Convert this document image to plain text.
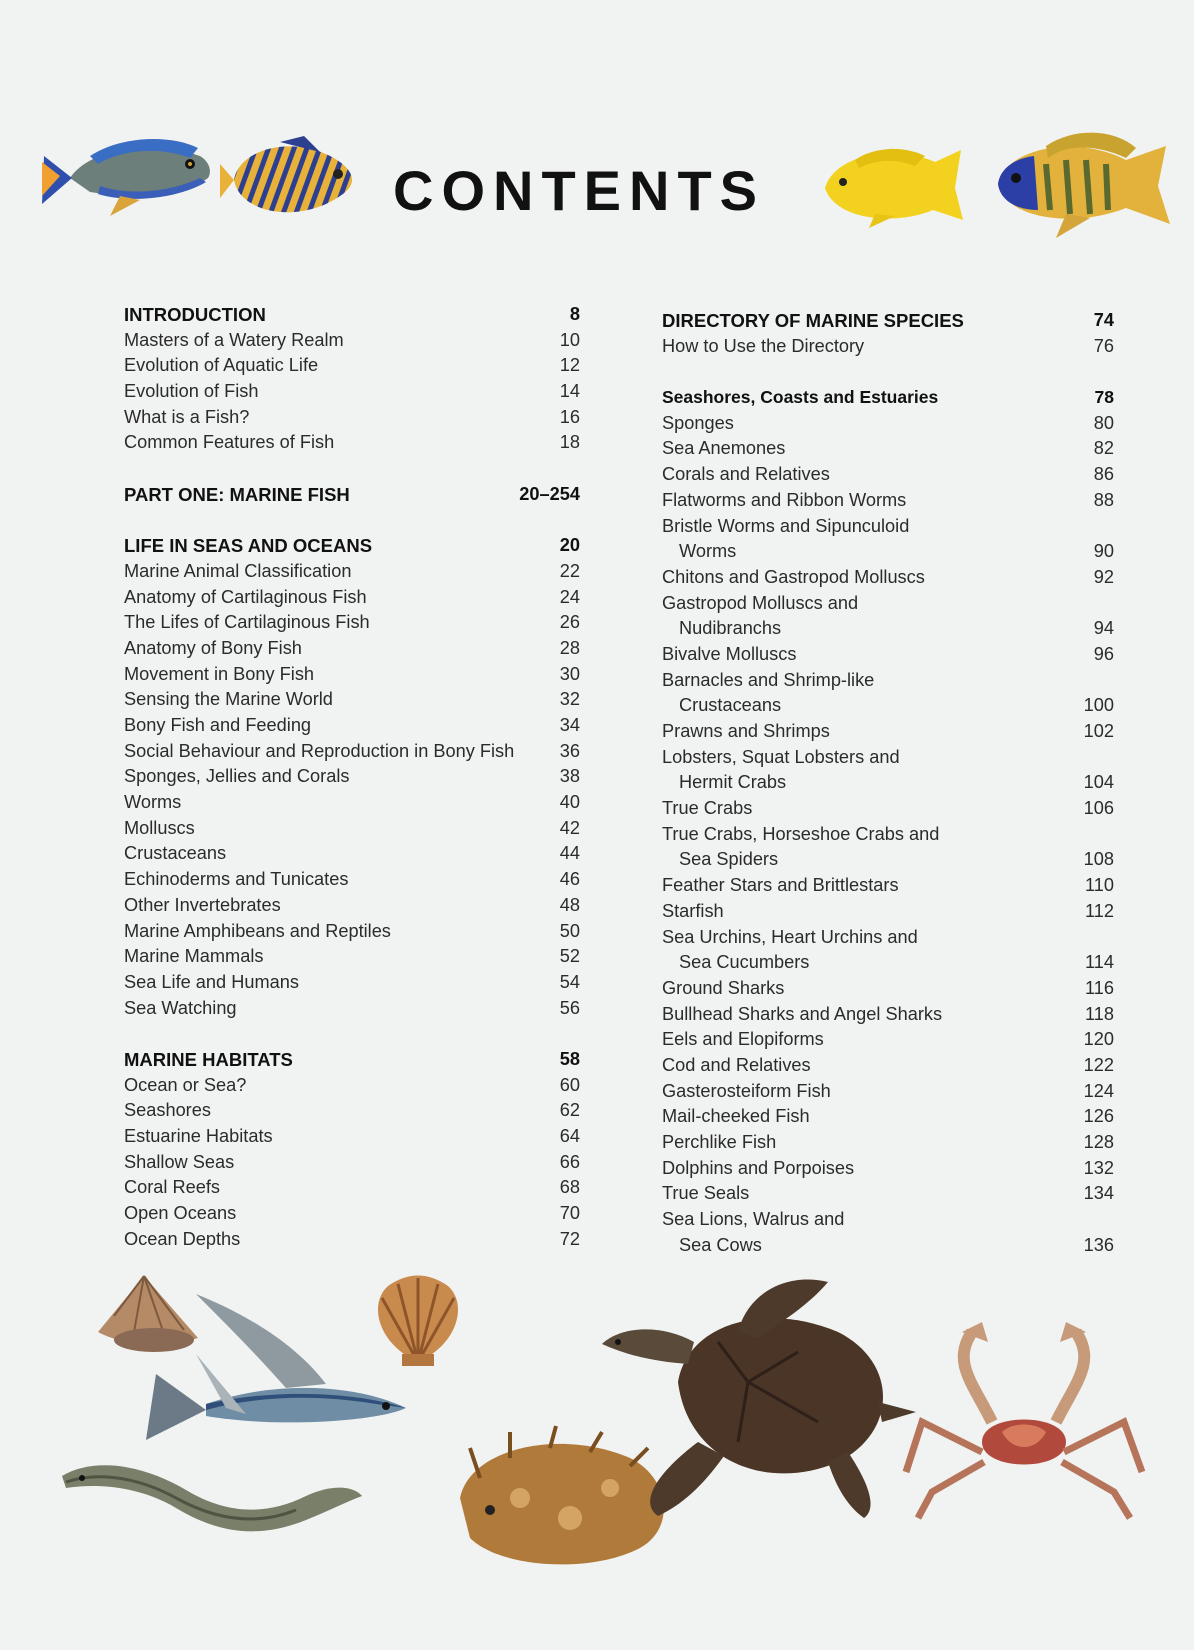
CONTENTS
INTRODUCTION	8
Masters of a Watery Realm	10
Evolution of Aquatic Life	12
Evolution of Fish	14
What is a Fish?	16
Common Features of Fish	18
PART ONE: MARINE FISH	20–254
LIFE IN SEAS AND OCEANS	20
Marine Animal Classification	22
Anatomy of Cartilaginous Fish	24
The Lifes of Cartilaginous Fish	26
Anatomy of Bony Fish	28
Movement in Bony Fish	30
Sensing the Marine World	32
Bony Fish and Feeding	34
Social Behaviour and Reproduction in Bony Fish	36
Sponges, Jellies and Corals	38
Worms	40
Molluscs	42
Crustaceans	44
Echinoderms and Tunicates	46
Other Invertebrates	48
Marine Amphibeans and Reptiles	50
Marine Mammals	52
Sea Life and Humans	54
Sea Watching	56
MARINE HABITATS	58
Ocean or Sea?	60
Seashores	62
Estuarine Habitats	64
Shallow Seas	66
Coral Reefs	68
Open Oceans	70
Ocean Depths	72
DIRECTORY OF MARINE SPECIES	74
How to Use the Directory	76
Seashores, Coasts and Estuaries	78
Sponges	80
Sea Anemones	82
Corals and Relatives	86
Flatworms and Ribbon Worms	88
Bristle Worms and Sipunculoid
Worms	90
Chitons and Gastropod Molluscs	92
Gastropod Molluscs and
Nudibranchs	94
Bivalve Molluscs	96
Barnacles and Shrimp-like
Crustaceans	100
Prawns and Shrimps	102
Lobsters, Squat Lobsters and
Hermit Crabs	104
True Crabs	106
True Crabs, Horseshoe Crabs and
Sea Spiders	108
Feather Stars and Brittlestars	110
Starfish	112
Sea Urchins, Heart Urchins and
Sea Cucumbers	114
Ground Sharks	116
Bullhead Sharks and Angel Sharks	118
Eels and Elopiforms	120
Cod and Relatives	122
Gasterosteiform Fish	124
Mail-cheeked Fish	126
Perchlike Fish	128
Dolphins and Porpoises	132
True Seals	134
Sea Lions, Walrus and
Sea Cows	136
